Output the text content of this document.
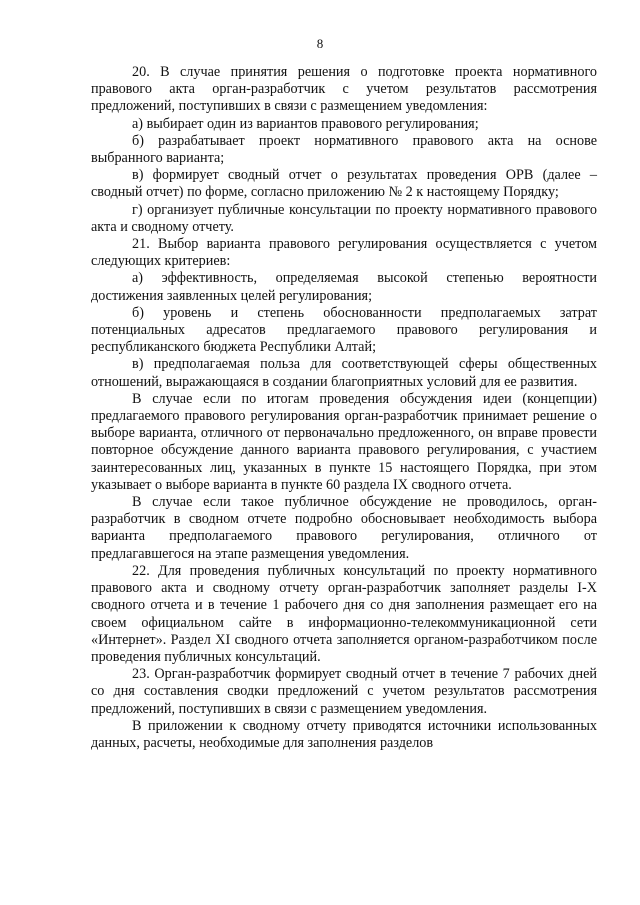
8

20. В случае принятия решения о подготовке проекта нормативного правового акта орган-разработчик с учетом результатов рассмотрения предложений, поступивших в связи с размещением уведомления:

а) выбирает один из вариантов правового регулирования;

б) разрабатывает проект нормативного правового акта на основе выбранного варианта;

в) формирует сводный отчет о результатах проведения ОРВ (далее – сводный отчет) по форме, согласно приложению № 2 к настоящему Порядку;

г) организует публичные консультации по проекту нормативного правового акта и сводному отчету.

21. Выбор варианта правового регулирования осуществляется с учетом следующих критериев:

а) эффективность, определяемая высокой степенью вероятности достижения заявленных целей регулирования;

б) уровень и степень обоснованности предполагаемых затрат потенциальных адресатов предлагаемого правового регулирования и республиканского бюджета Республики Алтай;

в) предполагаемая польза для соответствующей сферы общественных отношений, выражающаяся в создании благоприятных условий для ее развития.

В случае если по итогам проведения обсуждения идеи (концепции) предлагаемого правового регулирования орган-разработчик принимает решение о выборе варианта, отличного от первоначально предложенного, он вправе провести повторное обсуждение данного варианта правового регулирования, с участием заинтересованных лиц, указанных в пункте 15 настоящего Порядка, при этом указывает о выборе варианта в пункте 60 раздела IX сводного отчета.

В случае если такое публичное обсуждение не проводилось, орган-разработчик в сводном отчете подробно обосновывает необходимость выбора варианта предполагаемого правового регулирования, отличного от предлагавшегося на этапе размещения уведомления.

22. Для проведения публичных консультаций по проекту нормативного правового акта и сводному отчету орган-разработчик заполняет разделы I-X сводного отчета и в течение 1 рабочего дня со дня заполнения размещает его на своем официальном сайте в информационно-телекоммуникационной сети «Интернет». Раздел XI сводного отчета заполняется органом-разработчиком после проведения публичных консультаций.

23. Орган-разработчик формирует сводный отчет в течение 7 рабочих дней со дня составления сводки предложений с учетом результатов рассмотрения предложений, поступивших в связи с размещением уведомления.

В приложении к сводному отчету приводятся источники использованных данных, расчеты, необходимые для заполнения разделов
